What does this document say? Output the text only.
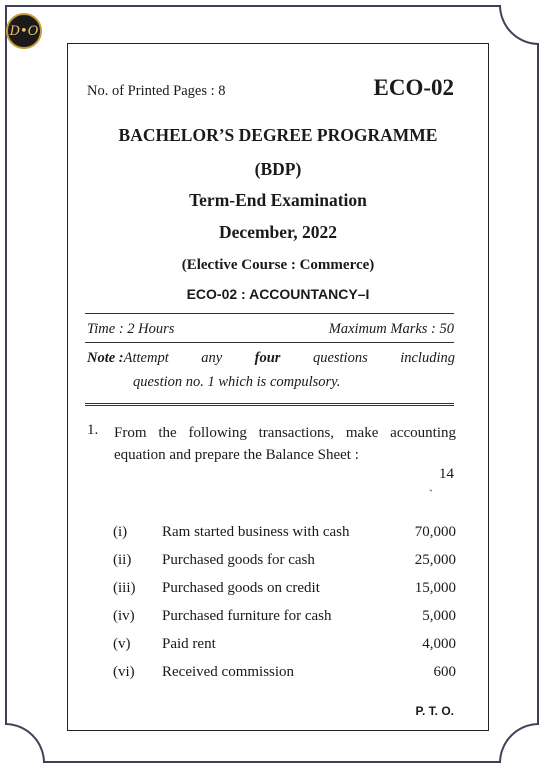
D•O
No. of Printed Pages : 8	ECO-02
BACHELOR’S DEGREE PROGRAMME
(BDP)
Term-End Examination
December, 2022
(Elective Course : Commerce)
ECO-02 : ACCOUNTANCY–I
Time : 2 Hours	Maximum Marks : 50
Note :Attempt any four questions including
question no. 1 which is compulsory.
1. From the following transactions, make accounting equation and prepare the Balance Sheet :
14
`
(i)	Ram started business with cash	70,000
(ii)	Purchased goods for cash	25,000
(iii)	Purchased goods on credit	15,000
(iv)	Purchased furniture for cash	5,000
(v)	Paid rent	4,000
(vi)	Received commission	600
P. T. O.
